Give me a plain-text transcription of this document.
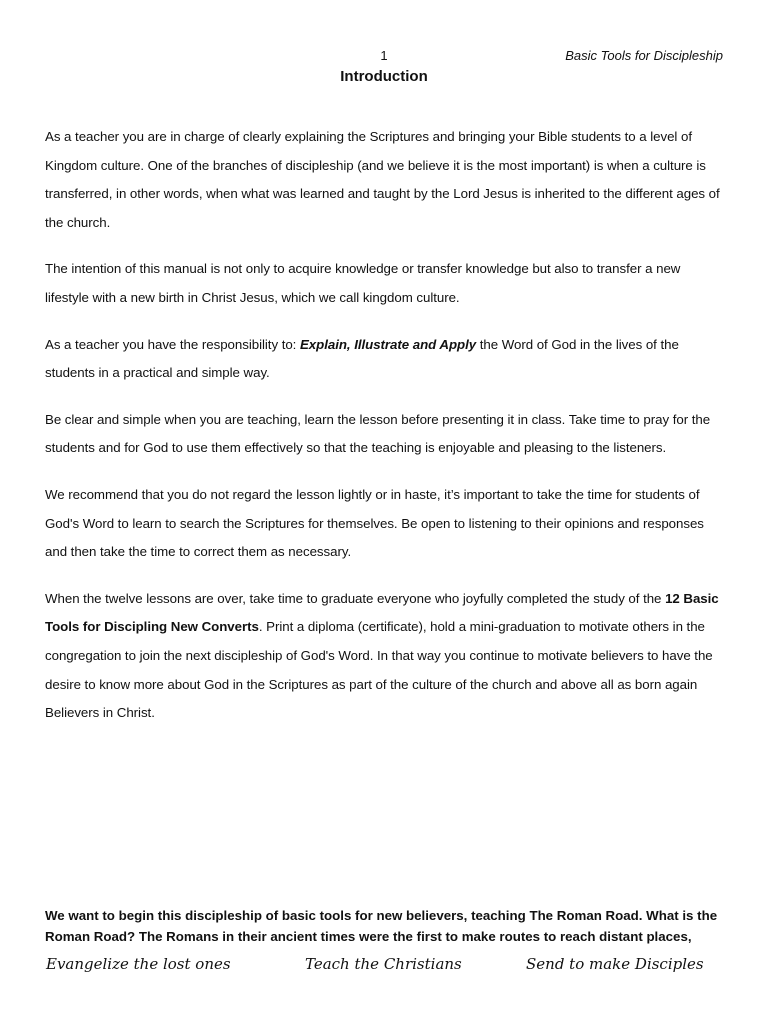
1	Basic Tools for Discipleship
Introduction

As a teacher you are in charge of clearly explaining the Scriptures and bringing your Bible students to a level of Kingdom culture. One of the branches of discipleship (and we believe it is the most important) is when a culture is transferred, in other words, when what was learned and taught by the Lord Jesus is inherited to the different ages of the church.

The intention of this manual is not only to acquire knowledge or transfer knowledge but also to transfer a new lifestyle with a new birth in Christ Jesus, which we call kingdom culture.

As a teacher you have the responsibility to: Explain, Illustrate and Apply the Word of God in the lives of the students in a practical and simple way.

Be clear and simple when you are teaching, learn the lesson before presenting it in class. Take time to pray for the students and for God to use them effectively so that the teaching is enjoyable and pleasing to the listeners.

We recommend that you do not regard the lesson lightly or in haste, it’s important to take the time for students of God's Word to learn to search the Scriptures for themselves. Be open to listening to their opinions and responses and then take the time to correct them as necessary.

When the twelve lessons are over, take time to graduate everyone who joyfully completed the study of the 12 Basic Tools for Discipling New Converts. Print a diploma (certificate), hold a mini-graduation to motivate others in the congregation to join the next discipleship of God's Word. In that way you continue to motivate believers to have the desire to know more about God in the Scriptures as part of the culture of the church and above all as born again Believers in Christ.

We want to begin this discipleship of basic tools for new believers, teaching The Roman Road. What is the Roman Road? The Romans in their ancient times were the first to make routes to reach distant places,
Evangelize the lost ones	Teach the Christians	Send to make Disciples
